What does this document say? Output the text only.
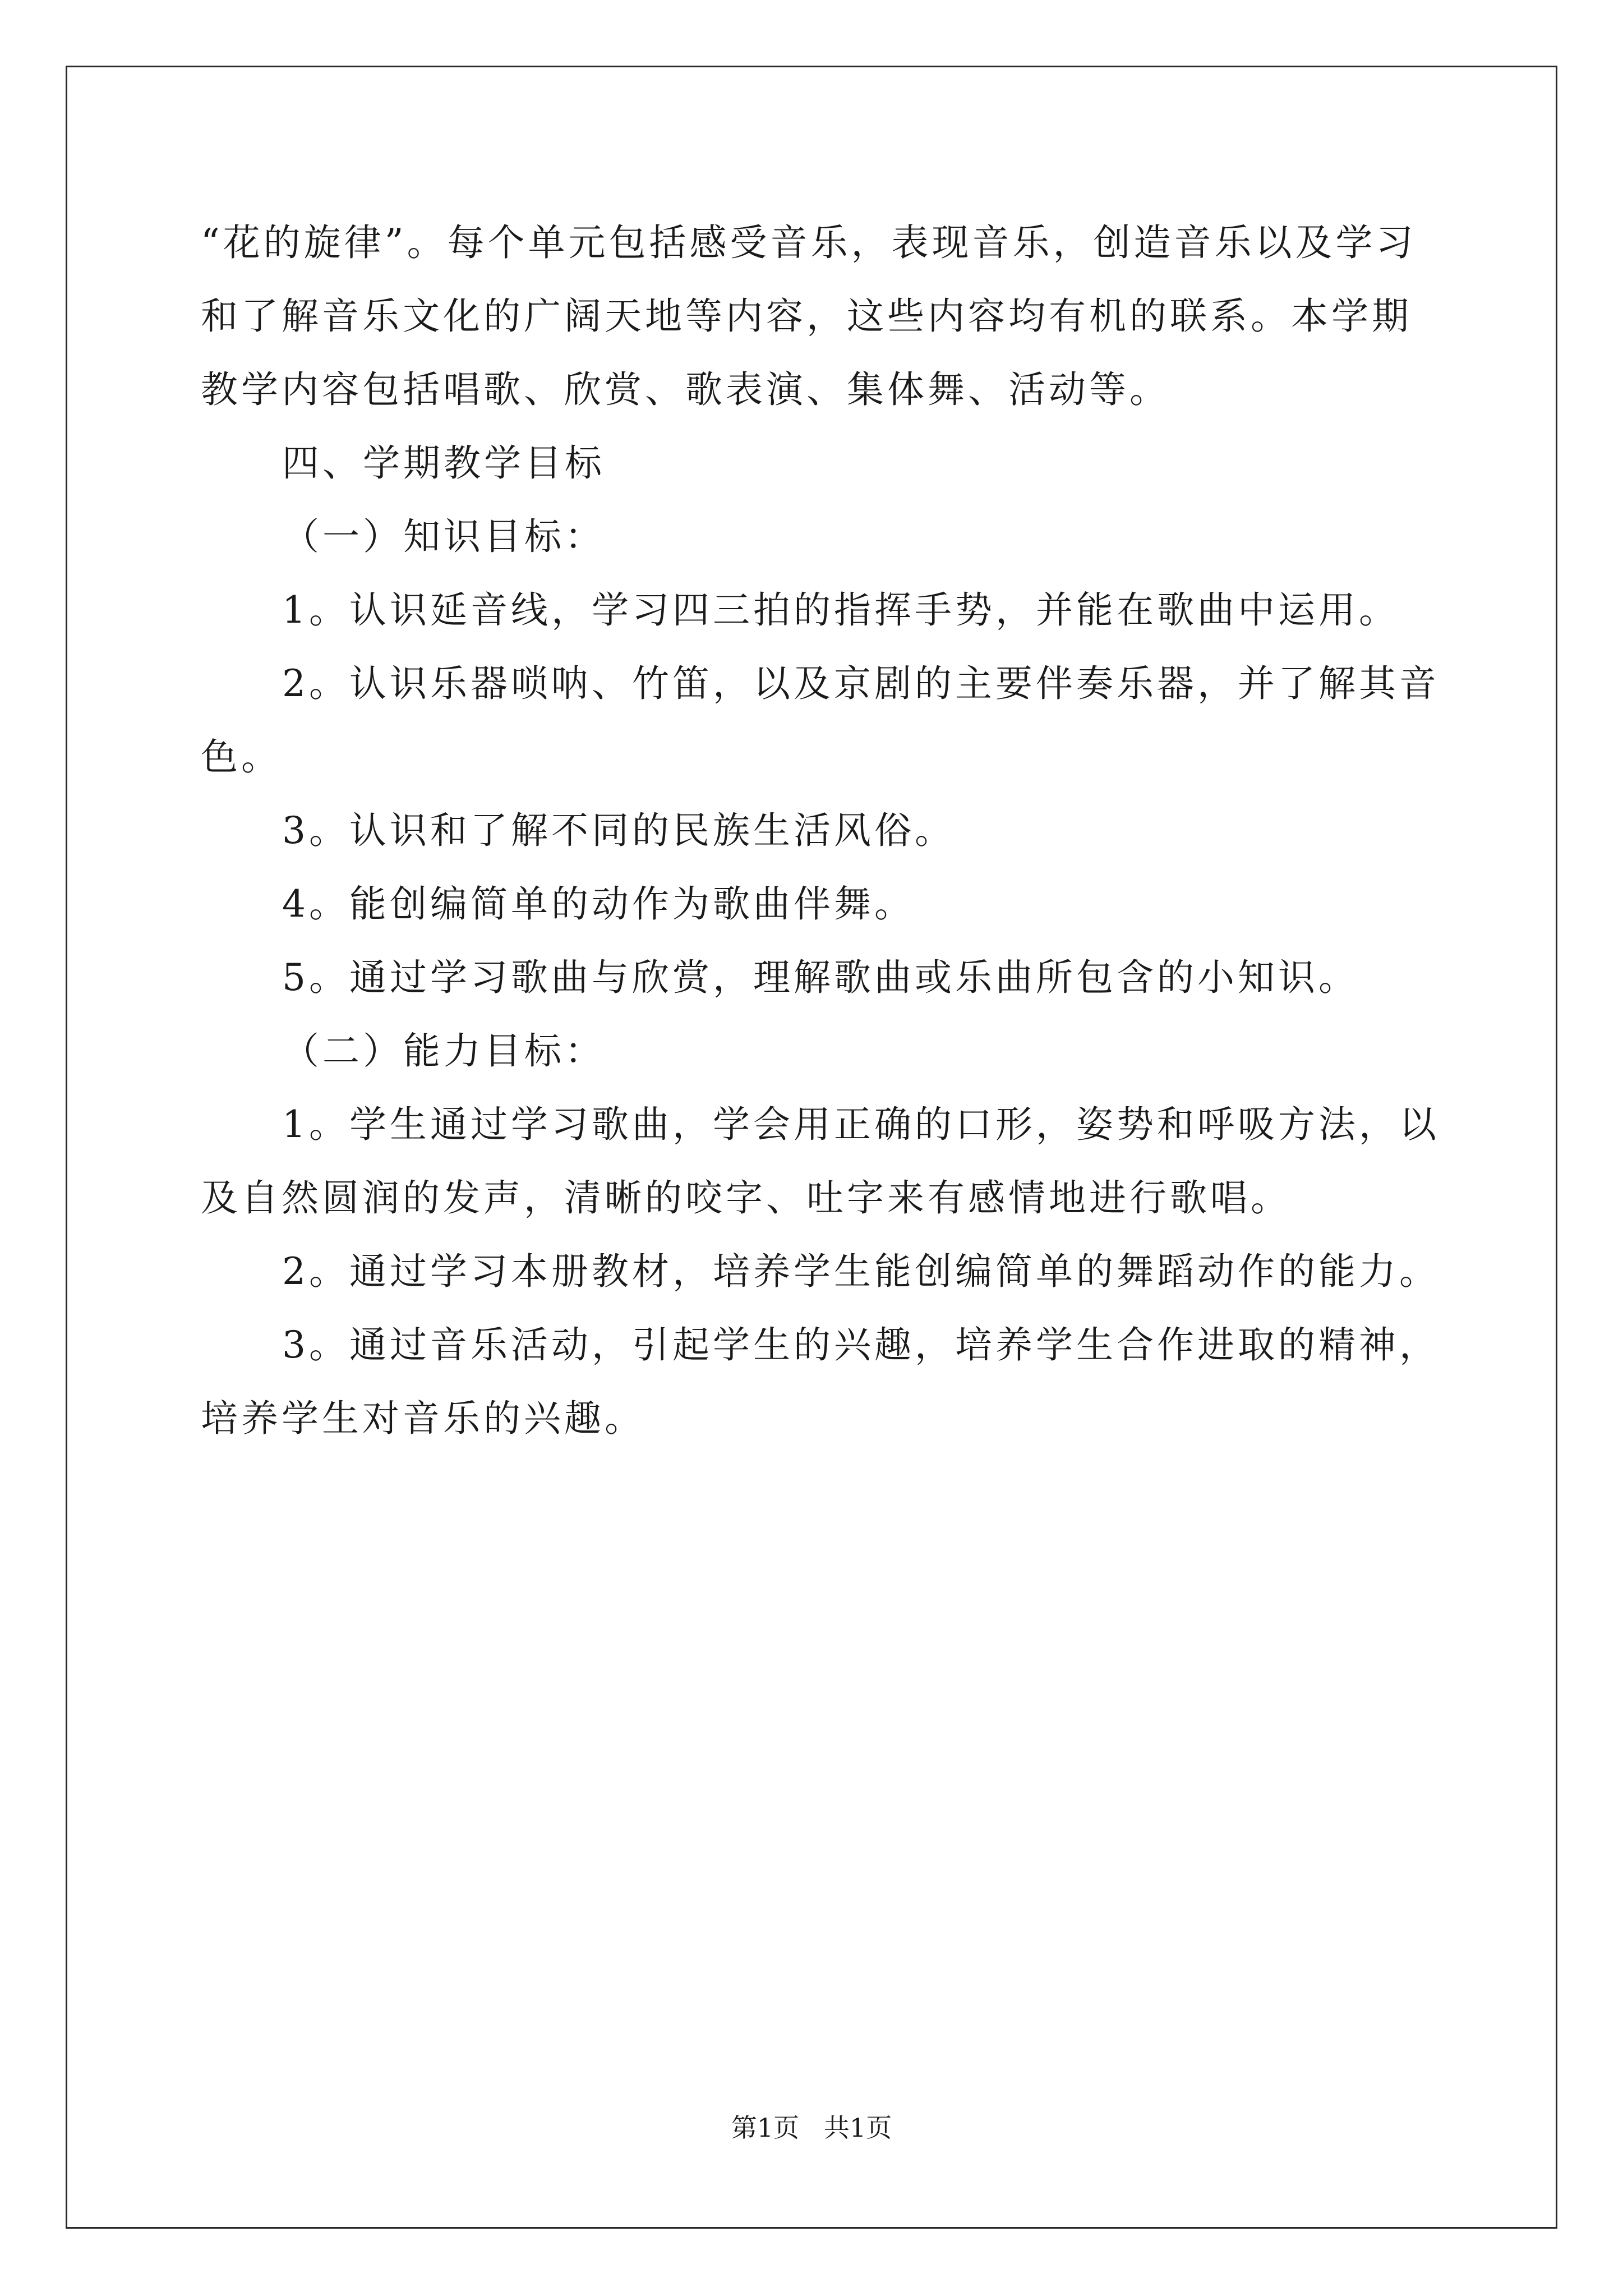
“花的旋律”。每个单元包括感受音乐，表现音乐，创造音乐以及学习

和了解音乐文化的广阔天地等内容，这些内容均有机的联系。本学期

教学内容包括唱歌、欣赏、歌表演、集体舞、活动等。

四、学期教学目标

（一）知识目标：

1。认识延音线，学习四三拍的指挥手势，并能在歌曲中运用。

2。认识乐器唢呐、竹笛，以及京剧的主要伴奏乐器，并了解其音

色。

3。认识和了解不同的民族生活风俗。

4。能创编简单的动作为歌曲伴舞。

5。通过学习歌曲与欣赏，理解歌曲或乐曲所包含的小知识。

（二）能力目标：

1。学生通过学习歌曲，学会用正确的口形，姿势和呼吸方法，以

及自然圆润的发声，清晰的咬字、吐字来有感情地进行歌唱。

2。通过学习本册教材，培养学生能创编简单的舞蹈动作的能力。

3。通过音乐活动，引起学生的兴趣，培养学生合作进取的精神，

培养学生对音乐的兴趣。

第1页   共1页
